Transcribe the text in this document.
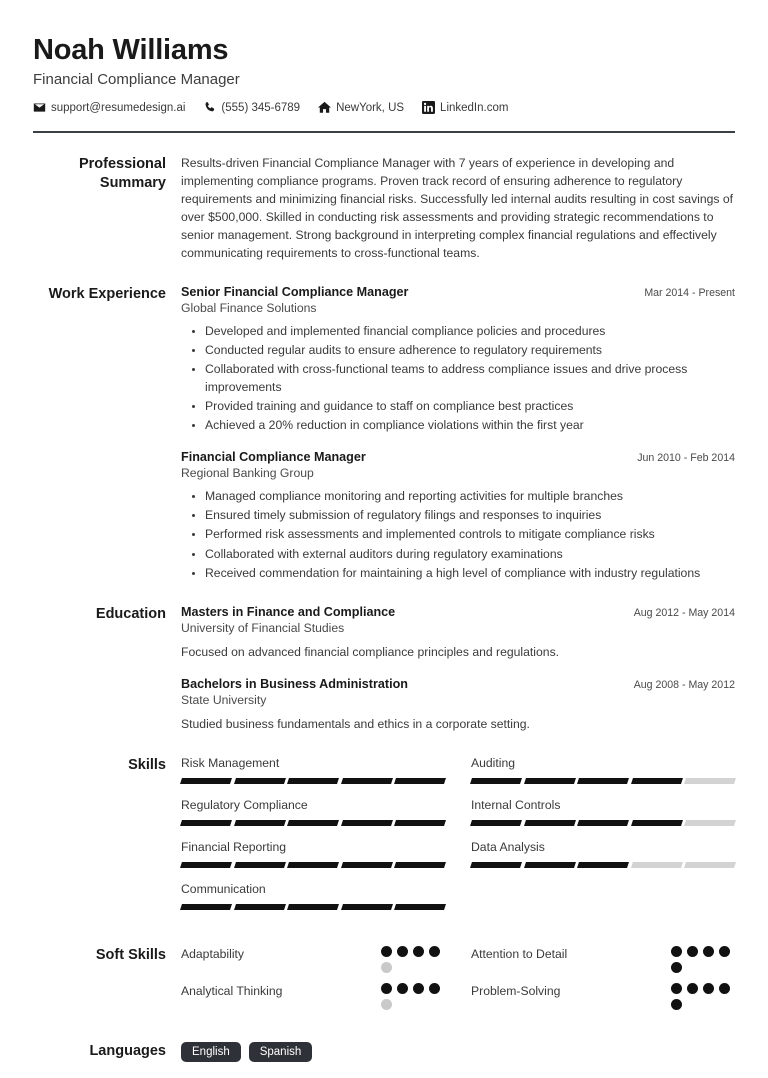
Noah Williams
Financial Compliance Manager
support@resumedesign.ai	(555) 345-6789	NewYork, US	LinkedIn.com
Professional Summary
Results-driven Financial Compliance Manager with 7 years of experience in developing and implementing compliance programs. Proven track record of ensuring adherence to regulatory requirements and minimizing financial risks. Successfully led internal audits resulting in cost savings of over $500,000. Skilled in conducting risk assessments and providing strategic recommendations to senior management. Strong background in interpreting complex financial regulations and effectively communicating requirements to cross-functional teams.
Work Experience	Senior Financial Compliance Manager	Mar 2014 - Present
Global Finance Solutions
• Developed and implemented financial compliance policies and procedures
• Conducted regular audits to ensure adherence to regulatory requirements
• Collaborated with cross-functional teams to address compliance issues and drive process improvements
• Provided training and guidance to staff on compliance best practices
• Achieved a 20% reduction in compliance violations within the first year
Financial Compliance Manager	Jun 2010 - Feb 2014
Regional Banking Group
• Managed compliance monitoring and reporting activities for multiple branches
• Ensured timely submission of regulatory filings and responses to inquiries
• Performed risk assessments and implemented controls to mitigate compliance risks
• Collaborated with external auditors during regulatory examinations
• Received commendation for maintaining a high level of compliance with industry regulations
Education	Masters in Finance and Compliance	Aug 2012 - May 2014
University of Financial Studies
Focused on advanced financial compliance principles and regulations.
Bachelors in Business Administration	Aug 2008 - May 2012
State University
Studied business fundamentals and ethics in a corporate setting.
Skills	Risk Management
Regulatory Compliance
Financial Reporting
Communication
Auditing
Internal Controls
Data Analysis
Soft Skills	Adaptability
Analytical Thinking
Attention to Detail
Problem-Solving
Languages	English	Spanish
